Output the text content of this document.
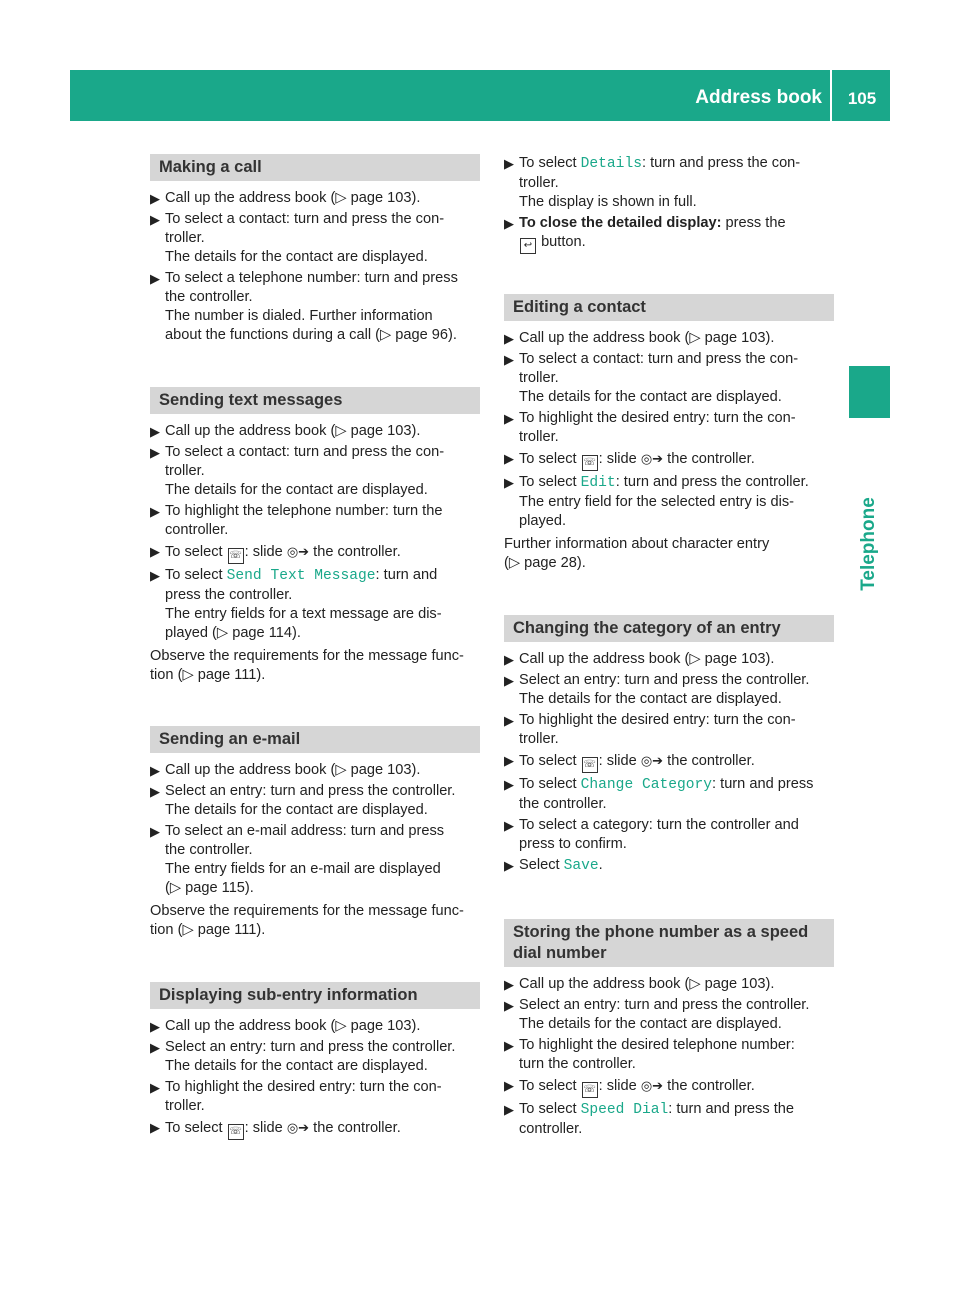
Address book	105
Telephone
Making a call
▶ Call up the address book (▷ page 103).
▶ To select a contact: turn and press the con-
troller.
The details for the contact are displayed.
▶ To select a telephone number: turn and press
the controller.
The number is dialed. Further information
about the functions during a call (▷ page 96).
Sending text messages
▶ Call up the address book (▷ page 103).
▶ To select a contact: turn and press the con-
troller.
The details for the contact are displayed.
▶ To highlight the telephone number: turn the
controller.
▶ To select ☏ : slide ◎➔ the controller.
▶ To select Send Text Message: turn and
press the controller.
The entry fields for a text message are dis-
played (▷ page 114).
Observe the requirements for the message func-
tion (▷ page 111).
Sending an e-mail
▶ Call up the address book (▷ page 103).
▶ Select an entry: turn and press the controller.
The details for the contact are displayed.
▶ To select an e-mail address: turn and press
the controller.
The entry fields for an e-mail are displayed
(▷ page 115).
Observe the requirements for the message func-
tion (▷ page 111).
Displaying sub-entry information
▶ Call up the address book (▷ page 103).
▶ Select an entry: turn and press the controller.
The details for the contact are displayed.
▶ To highlight the desired entry: turn the con-
troller.
▶ To select ☏ : slide ◎➔ the controller.
▶ To select Details: turn and press the con-
troller.
The display is shown in full.
▶ To close the detailed display: press the
↩ button.
Editing a contact
▶ Call up the address book (▷ page 103).
▶ To select a contact: turn and press the con-
troller.
The details for the contact are displayed.
▶ To highlight the desired entry: turn the con-
troller.
▶ To select ☏ : slide ◎➔ the controller.
▶ To select Edit: turn and press the controller.
The entry field for the selected entry is dis-
played.
Further information about character entry
(▷ page 28).
Changing the category of an entry
▶ Call up the address book (▷ page 103).
▶ Select an entry: turn and press the controller.
The details for the contact are displayed.
▶ To highlight the desired entry: turn the con-
troller.
▶ To select ☏ : slide ◎➔ the controller.
▶ To select Change Category: turn and press
the controller.
▶ To select a category: turn the controller and
press to confirm.
▶ Select Save.
Storing the phone number as a speed
dial number
▶ Call up the address book (▷ page 103).
▶ Select an entry: turn and press the controller.
The details for the contact are displayed.
▶ To highlight the desired telephone number:
turn the controller.
▶ To select ☏ : slide ◎➔ the controller.
▶ To select Speed Dial: turn and press the
controller.
